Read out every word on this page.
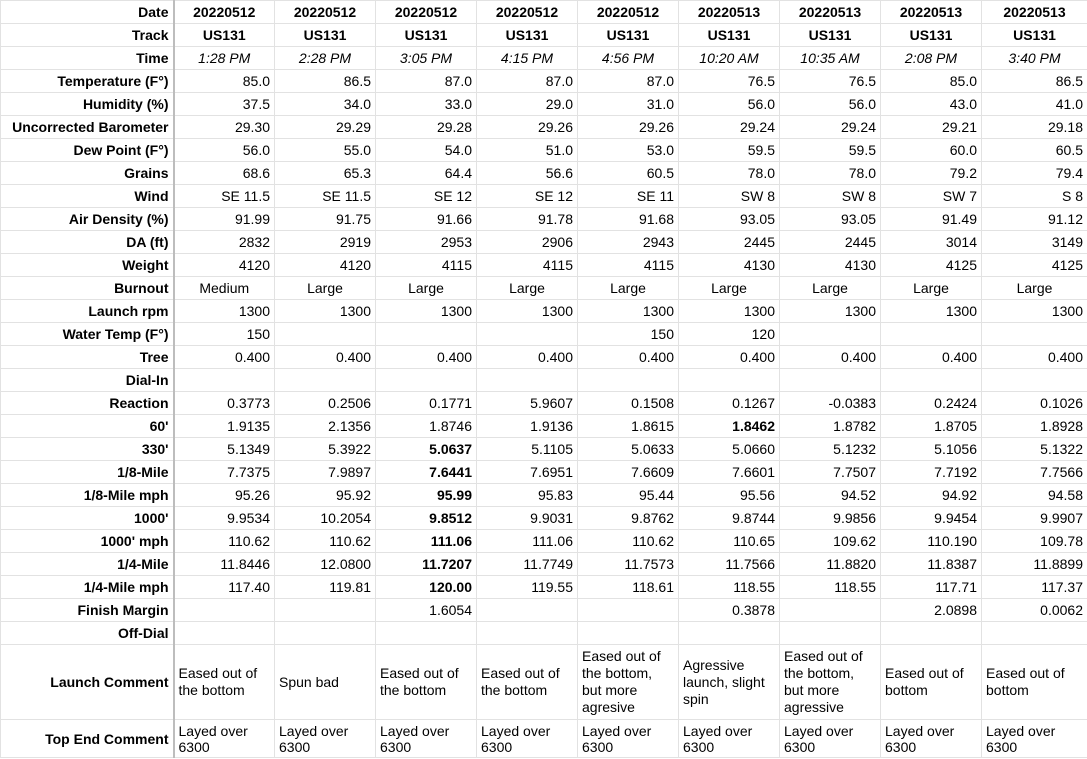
Date	20220512	20220512	20220512	20220512	20220512	20220513	20220513	20220513	20220513
Track	US131	US131	US131	US131	US131	US131	US131	US131	US131
Time	1:28 PM	2:28 PM	3:05 PM	4:15 PM	4:56 PM	10:20 AM	10:35 AM	2:08 PM	3:40 PM
Temperature (F°)	85.0	86.5	87.0	87.0	87.0	76.5	76.5	85.0	86.5
Humidity (%)	37.5	34.0	33.0	29.0	31.0	56.0	56.0	43.0	41.0
Uncorrected Barometer	29.30	29.29	29.28	29.26	29.26	29.24	29.24	29.21	29.18
Dew Point (F°)	56.0	55.0	54.0	51.0	53.0	59.5	59.5	60.0	60.5
Grains	68.6	65.3	64.4	56.6	60.5	78.0	78.0	79.2	79.4
Wind	SE 11.5	SE 11.5	SE 12	SE 12	SE 11	SW 8	SW 8	SW 7	S 8
Air Density (%)	91.99	91.75	91.66	91.78	91.68	93.05	93.05	91.49	91.12
DA (ft)	2832	2919	2953	2906	2943	2445	2445	3014	3149
Weight	4120	4120	4115	4115	4115	4130	4130	4125	4125
Burnout	Medium	Large	Large	Large	Large	Large	Large	Large	Large
Launch rpm	1300	1300	1300	1300	1300	1300	1300	1300	1300
Water Temp (F°)	150				150	120			
Tree	0.400	0.400	0.400	0.400	0.400	0.400	0.400	0.400	0.400
Dial-In									
Reaction	0.3773	0.2506	0.1771	5.9607	0.1508	0.1267	-0.0383	0.2424	0.1026
60'	1.9135	2.1356	1.8746	1.9136	1.8615	1.8462	1.8782	1.8705	1.8928
330'	5.1349	5.3922	5.0637	5.1105	5.0633	5.0660	5.1232	5.1056	5.1322
1/8-Mile	7.7375	7.9897	7.6441	7.6951	7.6609	7.6601	7.7507	7.7192	7.7566
1/8-Mile mph	95.26	95.92	95.99	95.83	95.44	95.56	94.52	94.92	94.58
1000'	9.9534	10.2054	9.8512	9.9031	9.8762	9.8744	9.9856	9.9454	9.9907
1000' mph	110.62	110.62	111.06	111.06	110.62	110.65	109.62	110.190	109.78
1/4-Mile	11.8446	12.0800	11.7207	11.7749	11.7573	11.7566	11.8820	11.8387	11.8899
1/4-Mile mph	117.40	119.81	120.00	119.55	118.61	118.55	118.55	117.71	117.37
Finish Margin			1.6054			0.3878		2.0898	0.0062
Off-Dial									
Launch Comment	Eased out of the bottom	Spun bad	Eased out of the bottom	Eased out of the bottom	Eased out of the bottom, but more agresive	Agressive launch, slight spin	Eased out of the bottom, but more agressive	Eased out of bottom	Eased out of bottom
Top End Comment	Layed over 6300	Layed over 6300	Layed over 6300	Layed over 6300	Layed over 6300	Layed over 6300	Layed over 6300	Layed over 6300	Layed over 6300
